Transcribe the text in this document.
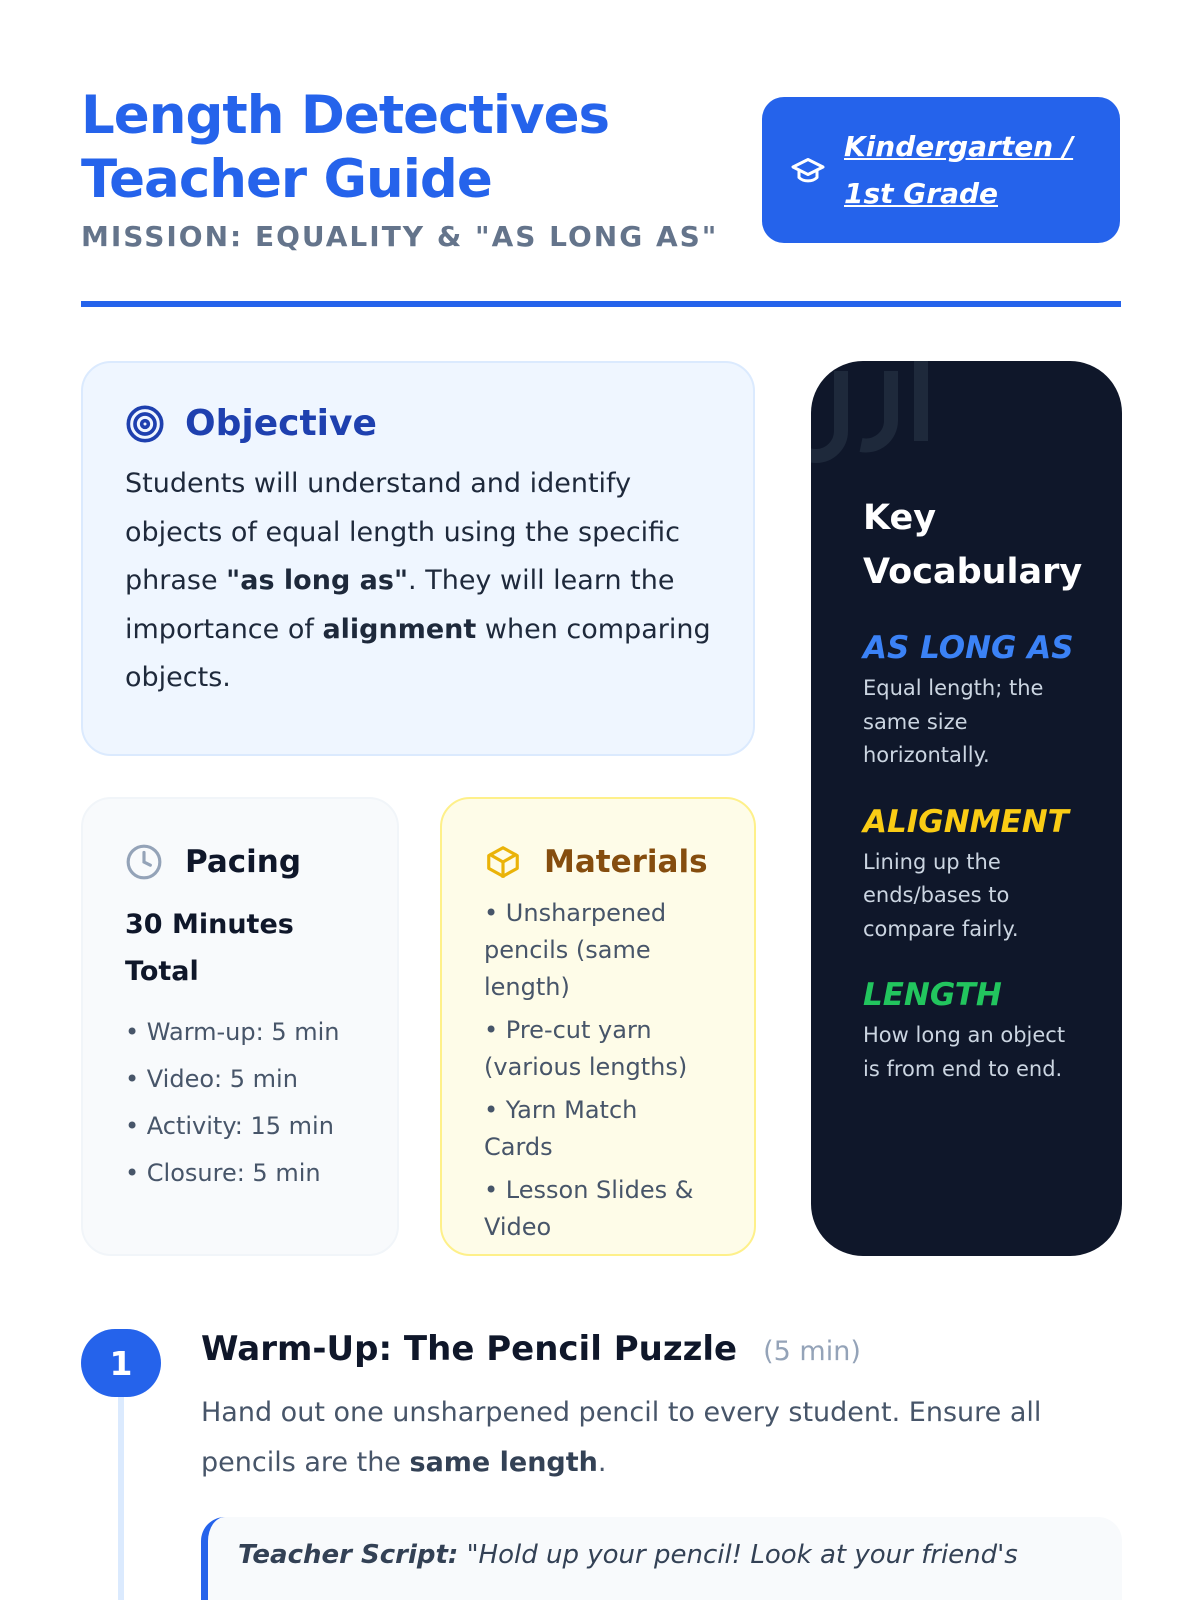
Length Detectives
Teacher Guide
MISSION: EQUALITY & "AS LONG AS"
Kindergarten /
1st Grade
Objective

Students will understand and identify objects of equal length using the specific phrase "as long as". They will learn the importance of alignment when comparing objects.

Pacing
30 Minutes Total
• Warm-up: 5 min
• Video: 5 min
• Activity: 15 min
• Closure: 5 min
Materials
• Unsharpened pencils (same length)
• Pre-cut yarn (various lengths)
• Yarn Match Cards
• Lesson Slides & Video
Key Vocabulary
AS LONG AS
Equal length; the same size horizontally.
ALIGNMENT
Lining up the ends/bases to compare fairly.
LENGTH
How long an object is from end to end.
1	Warm-Up: The Pencil Puzzle (5 min)

Hand out one unsharpened pencil to every student. Ensure all pencils are the same length.

Teacher Script: "Hold up your pencil! Look at your friend's
